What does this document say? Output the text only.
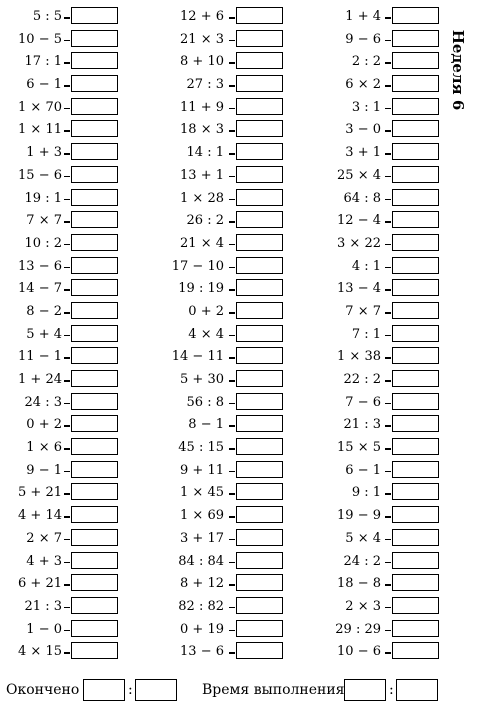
5 : 5
10 − 5
17 : 1
6 − 1
1 × 70
1 × 11
1 + 3
15 − 6
19 : 1
7 × 7
10 : 2
13 − 6
14 − 7
8 − 2
5 + 4
11 − 1
1 + 24
24 : 3
0 + 2
1 × 6
9 − 1
5 + 21
4 + 14
2 × 7
4 + 3
6 + 21
21 : 3
1 − 0
4 × 15
12 + 6
21 × 3
8 + 10
27 : 3
11 + 9
18 × 3
14 : 1
13 + 1
1 × 28
26 : 2
21 × 4
17 − 10
19 : 19
0 + 2
4 × 4
14 − 11
5 + 30
56 : 8
8 − 1
45 : 15
9 + 11
1 × 45
1 × 69
3 + 17
84 : 84
8 + 12
82 : 82
0 + 19
13 − 6
1 + 4
9 − 6
2 : 2
6 × 2
3 : 1
3 − 0
3 + 1
25 × 4
64 : 8
12 − 4
3 × 22
4 : 1
13 − 4
7 × 7
7 : 1
1 × 38
22 : 2
7 − 6
21 : 3
15 × 5
6 − 1
9 : 1
19 − 9
5 × 4
24 : 2
18 − 8
2 × 3
29 : 29
10 − 6
Неделя 6
Окончено	:	Время выполнения	:
